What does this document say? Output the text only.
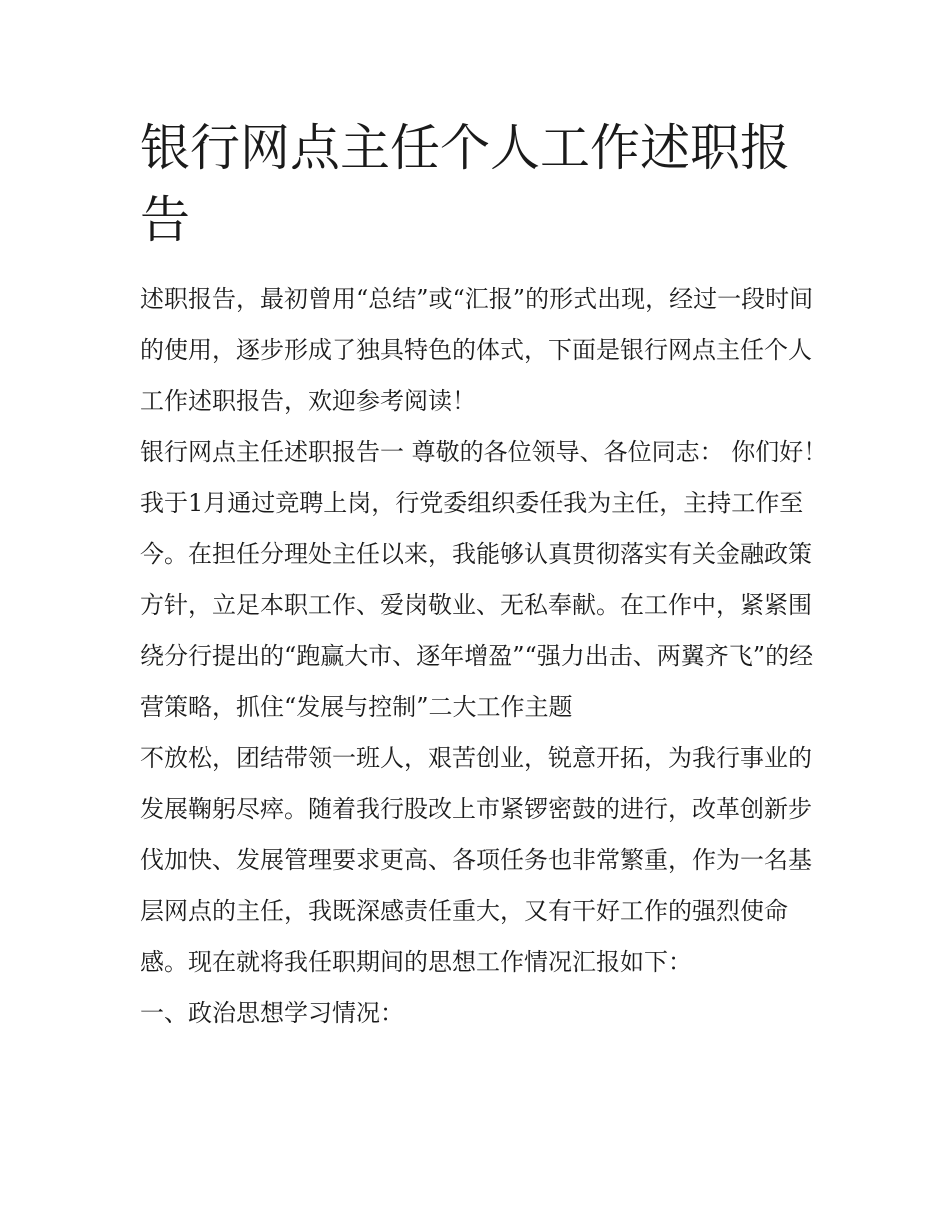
银行网点主任个人工作述职报告

述职报告，最初曾用“总结”或“汇报”的形式出现，经过一段时间的使用，逐步形成了独具特色的体式，下面是银行网点主任个人工作述职报告，欢迎参考阅读！

银行网点主任述职报告一 尊敬的各位领导、各位同志： 你们好！

我于1月通过竞聘上岗，行党委组织委任我为主任，主持工作至今。在担任分理处主任以来，我能够认真贯彻落实有关金融政策方针，立足本职工作、爱岗敬业、无私奉献。在工作中，紧紧围绕分行提出的“跑赢大市、逐年增盈”“强力出击、两翼齐飞”的经营策略，抓住“发展与控制”二大工作主题

不放松，团结带领一班人，艰苦创业，锐意开拓，为我行事业的发展鞠躬尽瘁。随着我行股改上市紧锣密鼓的进行，改革创新步伐加快、发展管理要求更高、各项任务也非常繁重，作为一名基层网点的主任，我既深感责任重大，又有干好工作的强烈使命感。现在就将我任职期间的思想工作情况汇报如下：

一、政治思想学习情况：
